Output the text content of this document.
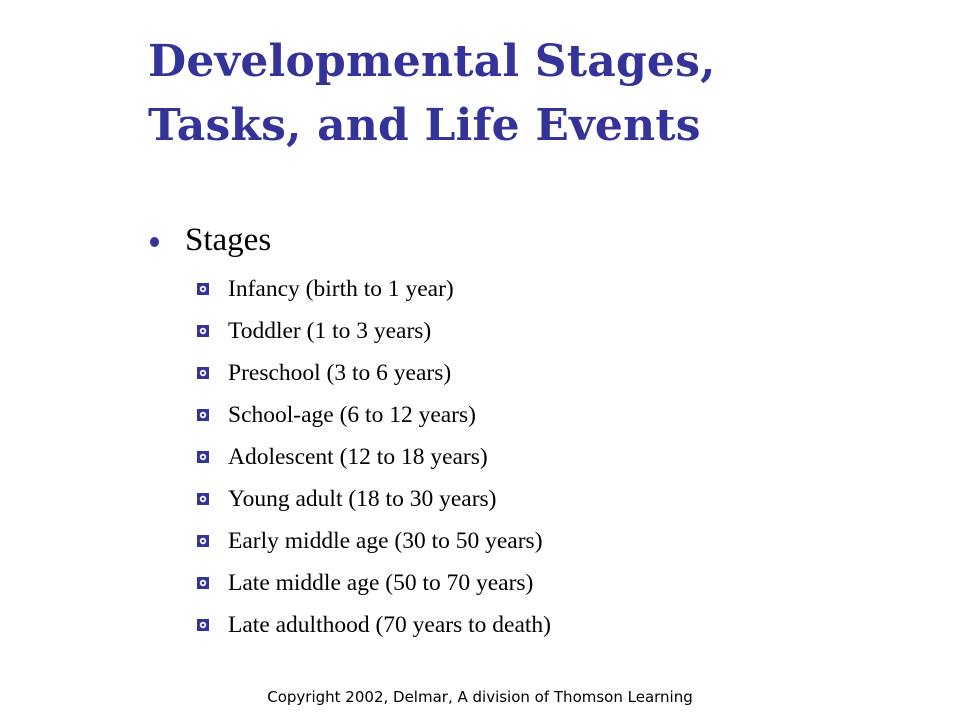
Developmental Stages,
Tasks, and Life Events
Stages
Infancy (birth to 1 year)
Toddler (1 to 3 years)
Preschool (3 to 6 years)
School-age (6 to 12 years)
Adolescent (12 to 18 years)
Young adult (18 to 30 years)
Early middle age (30 to 50 years)
Late middle age (50 to 70 years)
Late adulthood (70 years to death)
Copyright 2002, Delmar, A division of Thomson Learning
